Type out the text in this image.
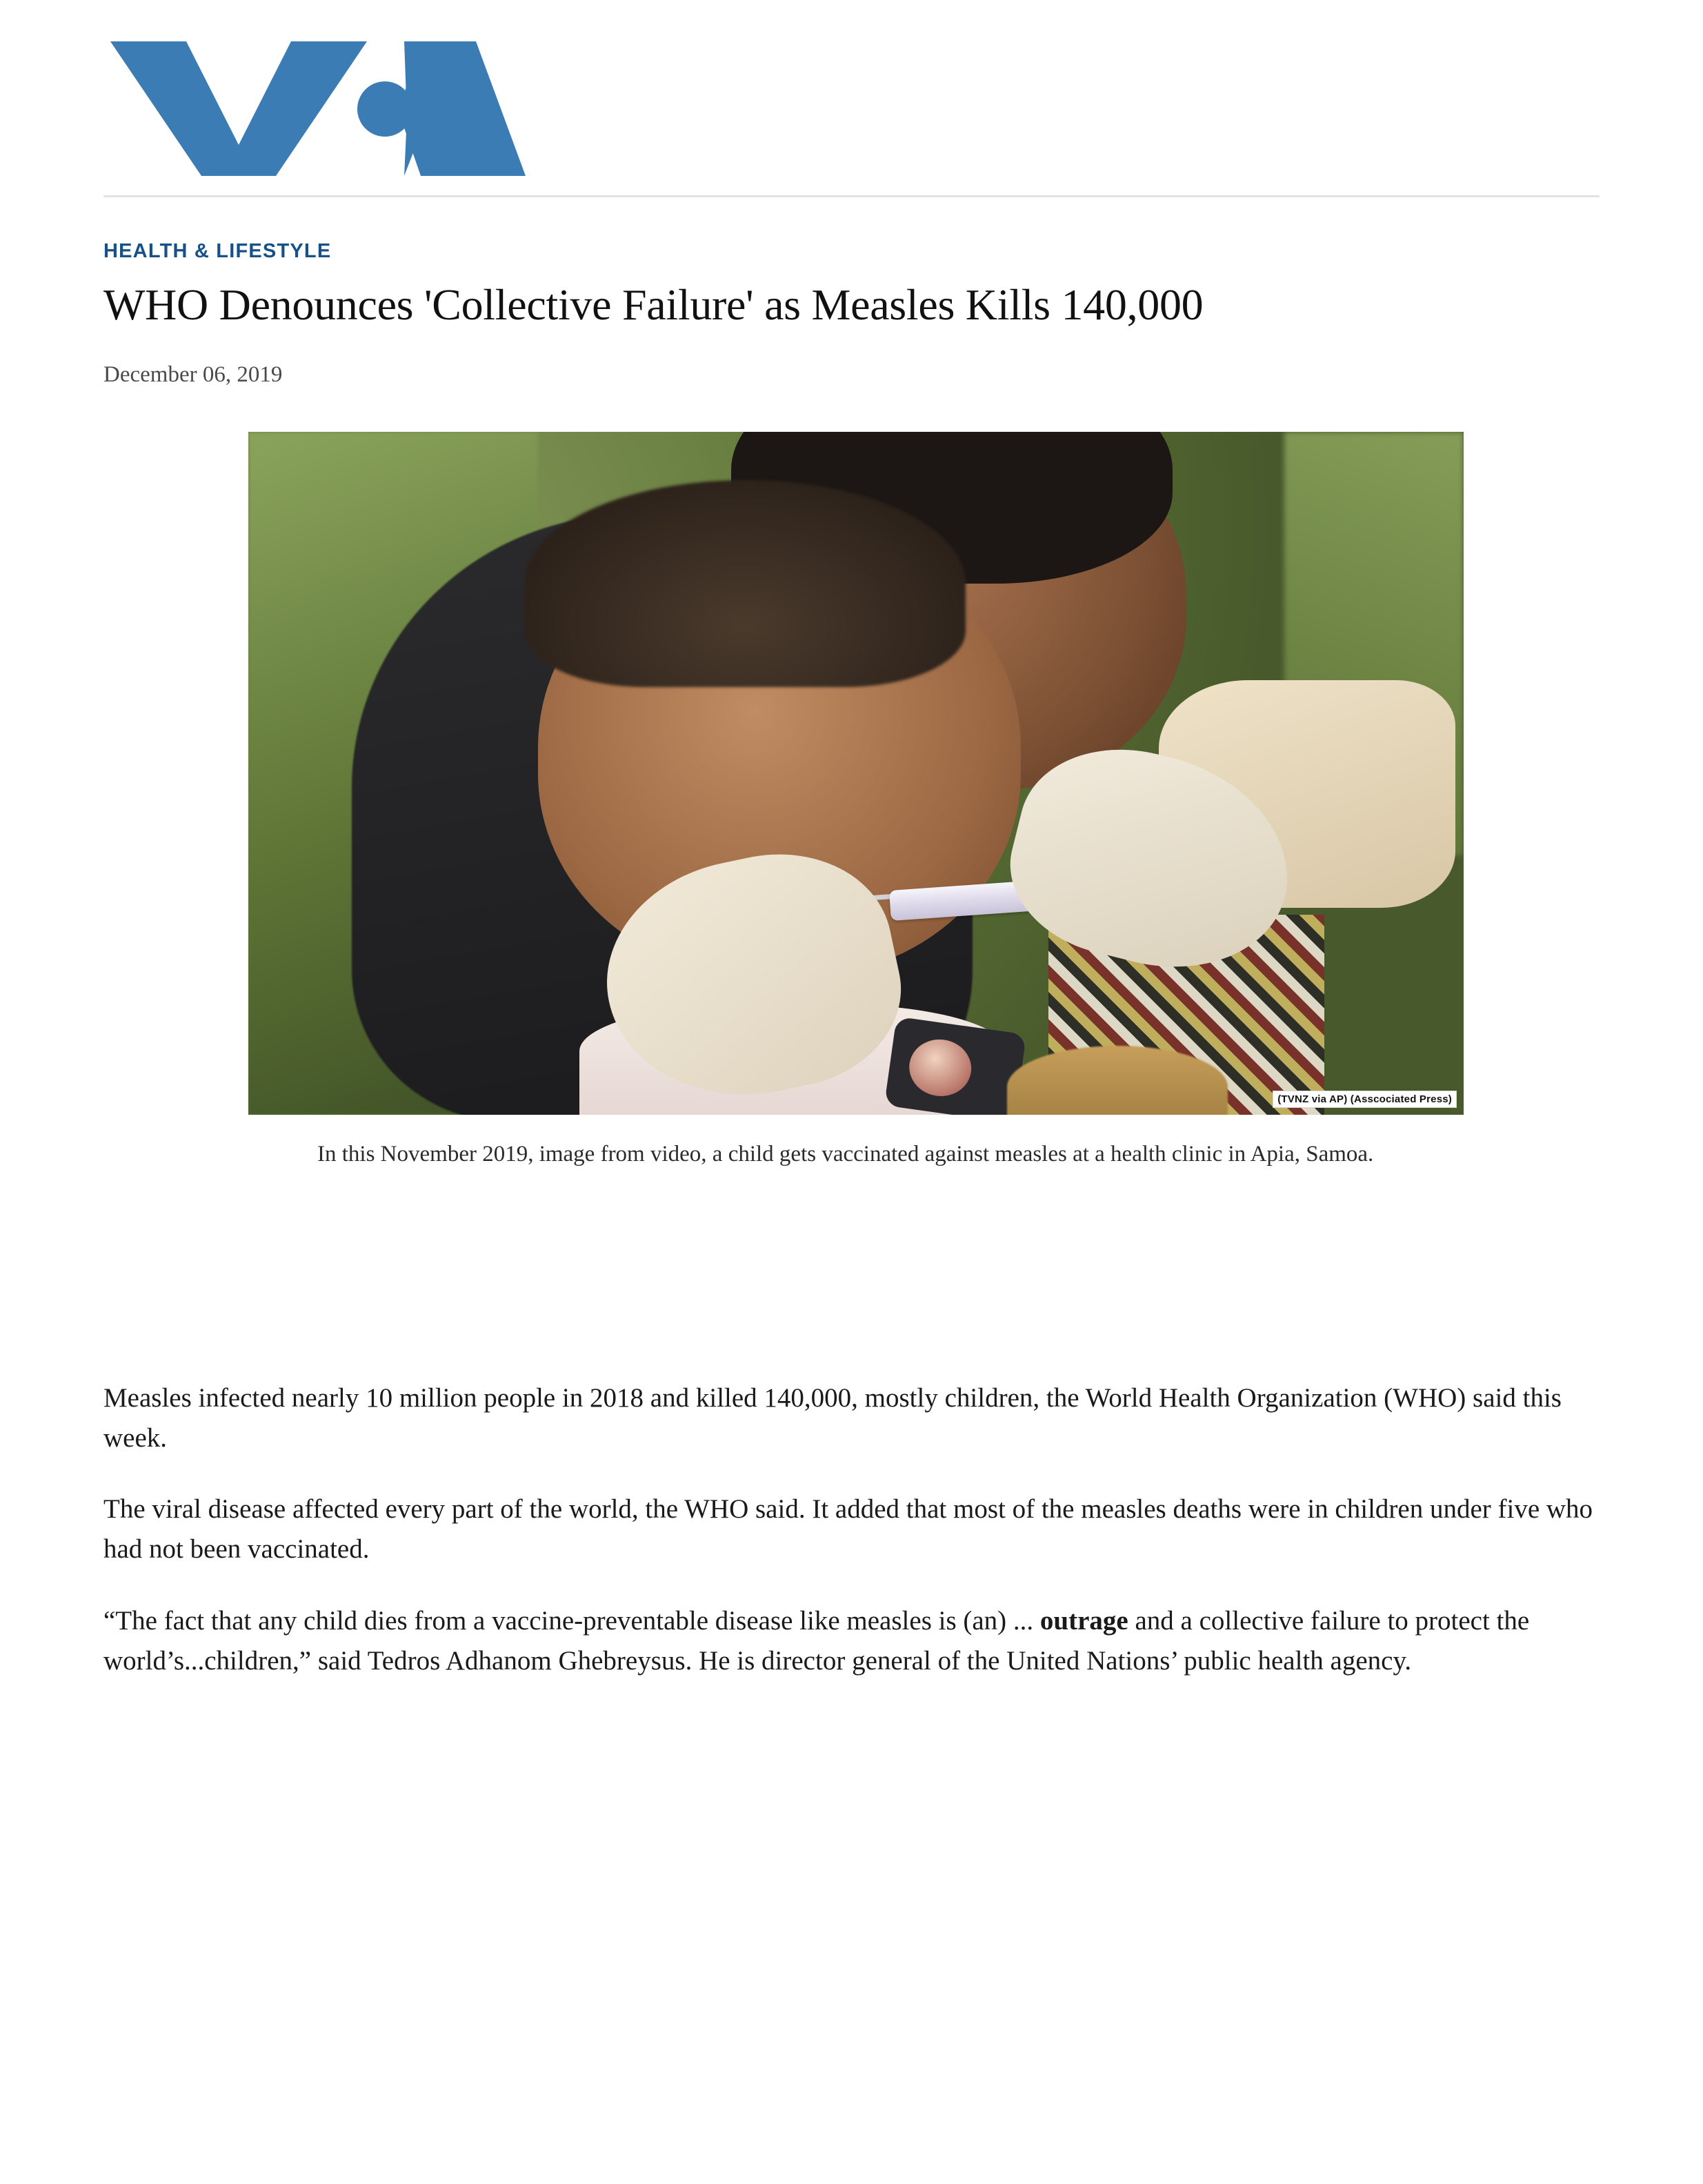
HEALTH & LIFESTYLE
WHO Denounces 'Collective Failure' as Measles Kills 140,000
December 06, 2019
(TVNZ via AP) (Asscociated Press)
In this November 2019, image from video, a child gets vaccinated against measles at a health clinic in Apia, Samoa.

Measles infected nearly 10 million people in 2018 and killed 140,000, mostly children, the World Health Organization (WHO) said this week.

The viral disease affected every part of the world, the WHO said. It added that most of the measles deaths were in children under five who had not been vaccinated.

“The fact that any child dies from a vaccine-preventable disease like measles is (an) ... outrage and a collective failure to protect the world’s...children,” said Tedros Adhanom Ghebreysus. He is director general of the United Nations’ public health agency.
